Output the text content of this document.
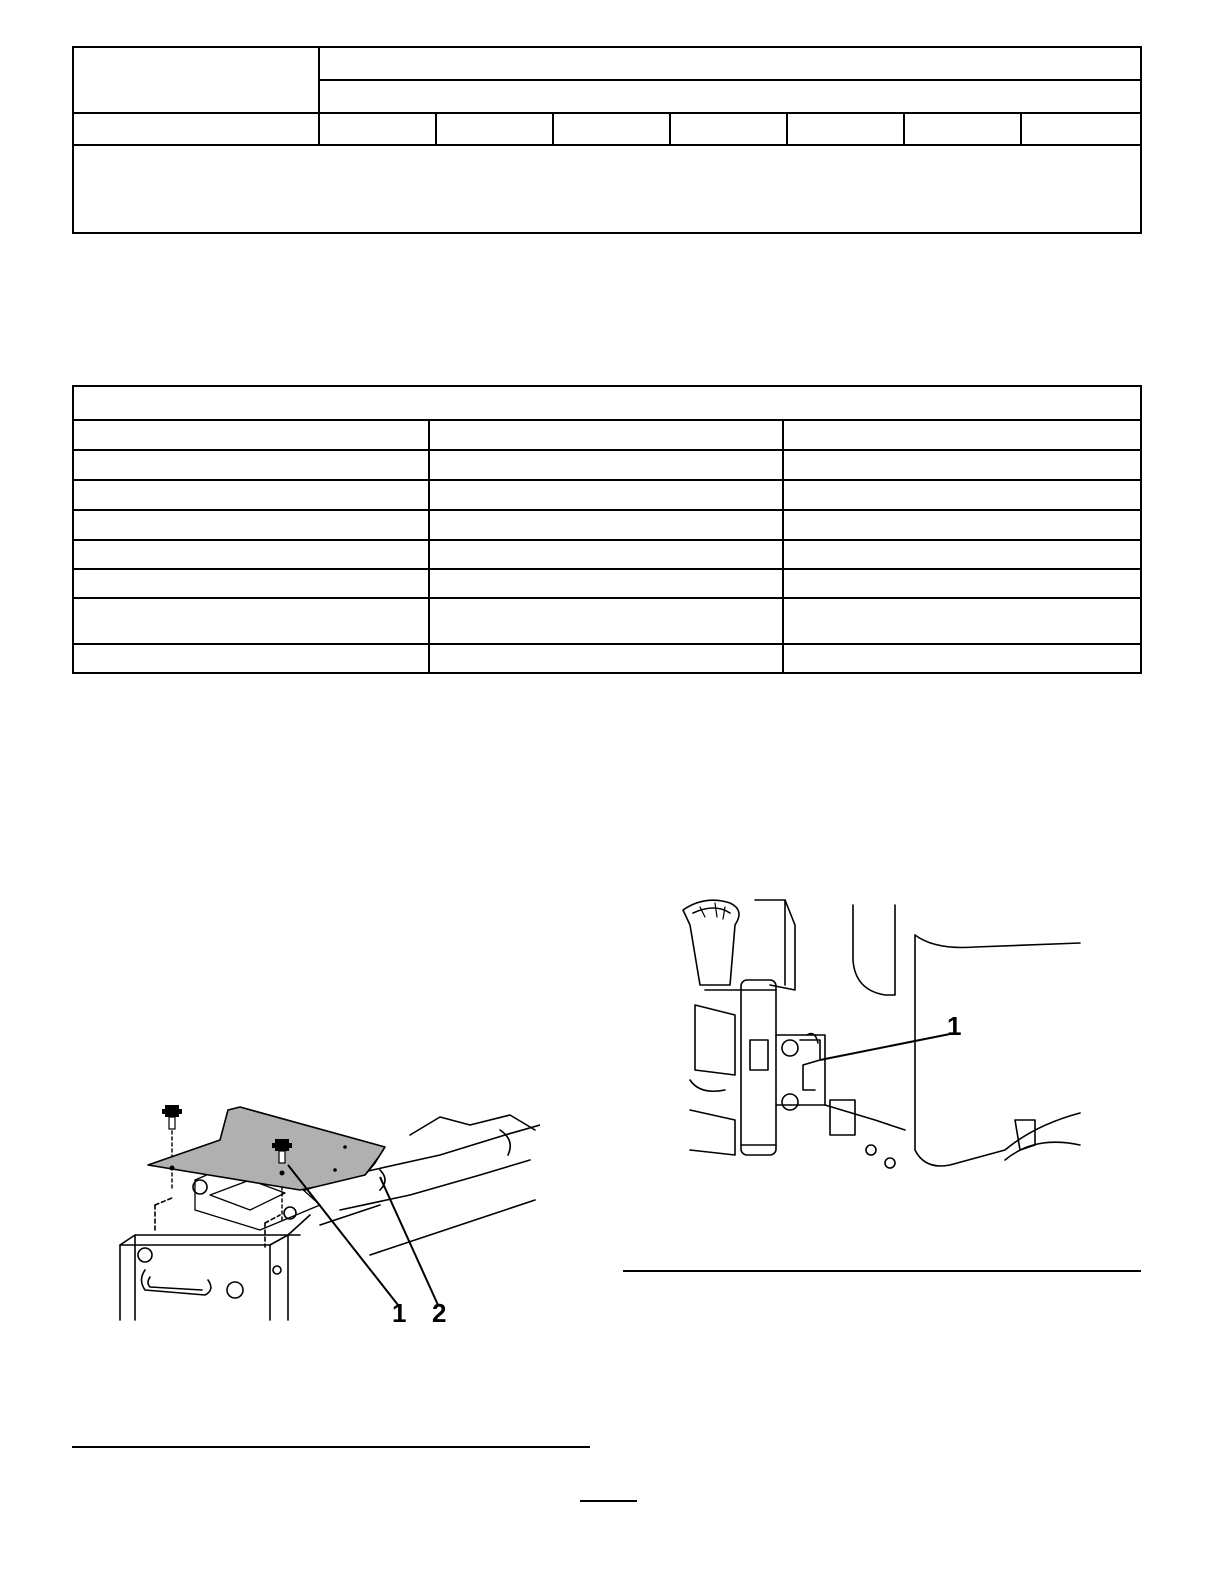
1 2
1
